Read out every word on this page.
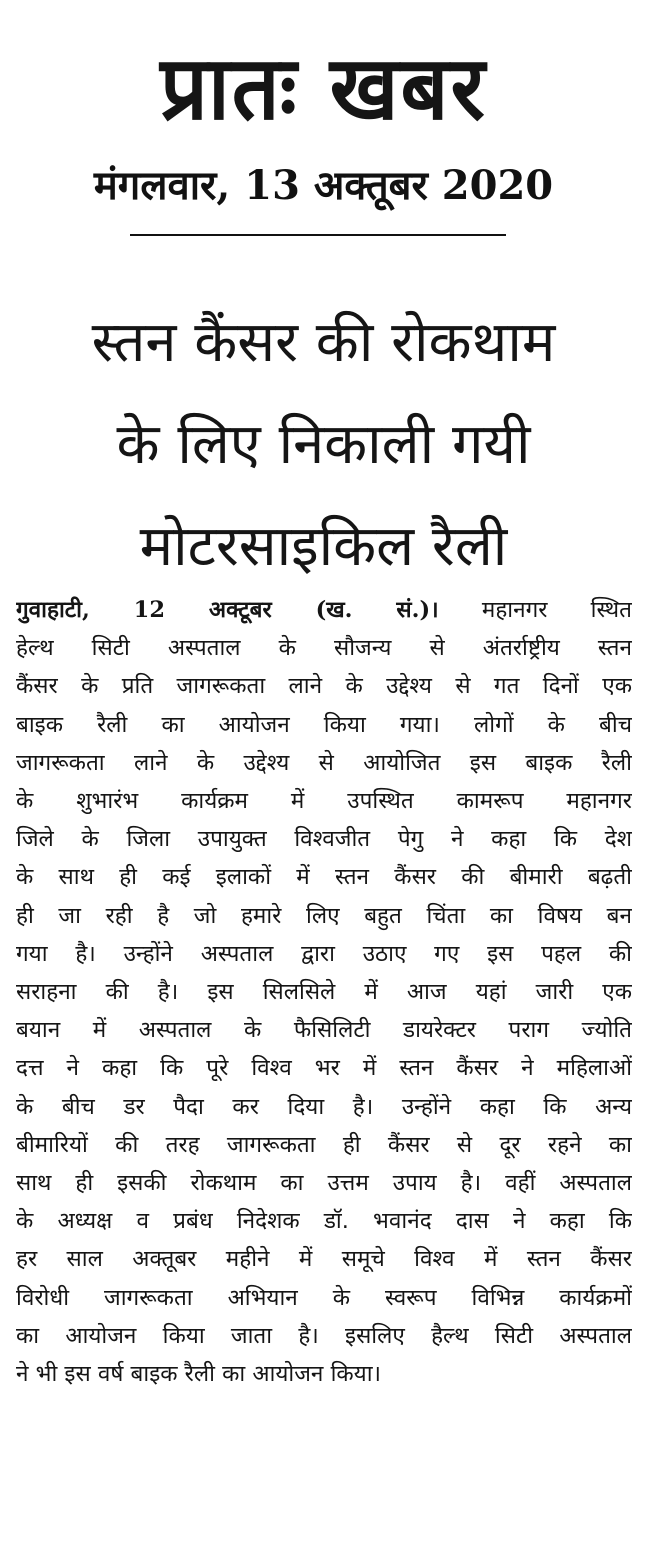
प्रातः खबर
मंगलवार, 13 अक्तूबर 2020
स्तन कैंसर की रोकथाम
के लिए निकाली गयी
मोटरसाइकिल रैली
गुवाहाटी, 12 अक्टूबर (ख. सं.)। महानगर स्थित
हेल्थ सिटी अस्पताल के सौजन्य से अंतर्राष्ट्रीय स्तन
कैंसर के प्रति जागरूकता लाने के उद्देश्य से गत दिनों एक
बाइक रैली का आयोजन किया गया। लोगों के बीच
जागरूकता लाने के उद्देश्य से आयोजित इस बाइक रैली
के शुभारंभ कार्यक्रम में उपस्थित कामरूप महानगर
जिले के जिला उपायुक्त विश्वजीत पेगु ने कहा कि देश
के साथ ही कई इलाकों में स्तन कैंसर की बीमारी बढ़ती
ही जा रही है जो हमारे लिए बहुत चिंता का विषय बन
गया है। उन्होंने अस्पताल द्वारा उठाए गए इस पहल की
सराहना की है। इस सिलसिले में आज यहां जारी एक
बयान में अस्पताल के फैसिलिटी डायरेक्टर पराग ज्योति
दत्त ने कहा कि पूरे विश्व भर में स्तन कैंसर ने महिलाओं
के बीच डर पैदा कर दिया है। उन्होंने कहा कि अन्य
बीमारियों की तरह जागरूकता ही कैंसर से दूर रहने का
साथ ही इसकी रोकथाम का उत्तम उपाय है। वहीं अस्पताल
के अध्यक्ष व प्रबंध निदेशक डॉ. भवानंद दास ने कहा कि
हर साल अक्तूबर महीने में समूचे विश्व में स्तन कैंसर
विरोधी जागरूकता अभियान के स्वरूप विभिन्न कार्यक्रमों
का आयोजन किया जाता है। इसलिए हैल्थ सिटी अस्पताल
ने भी इस वर्ष बाइक रैली का आयोजन किया।
